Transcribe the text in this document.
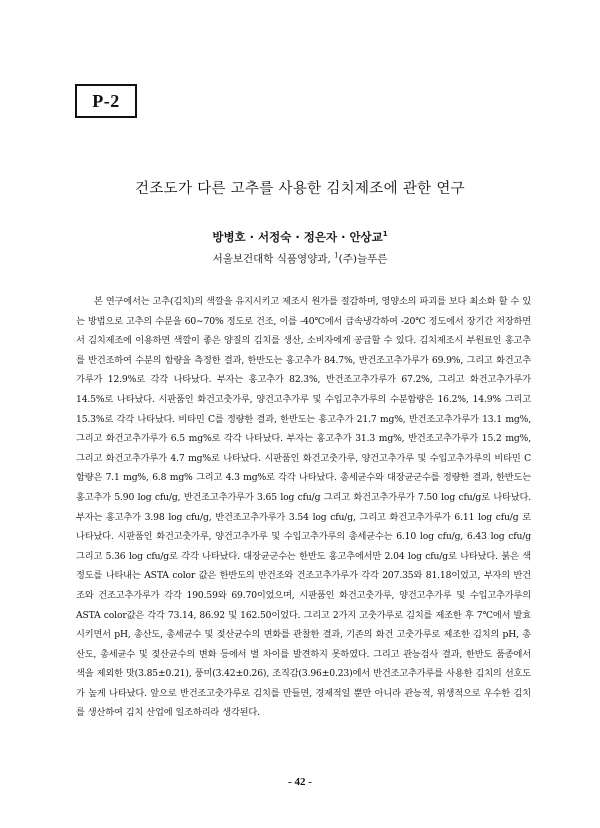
P-2
건조도가 다른 고추를 사용한 김치제조에 관한 연구
방병호 · 서정숙 · 정은자 · 안상교$^1$
서울보건대학 식품영양과, $^1$(주)늘푸른

본 연구에서는 고추(김치)의 색깔을 유지시키고 제조시 원가를 절감하며, 영양소의 파괴를 보다 최소화 할 수 있는 방법으로 고추의 수분을 60∼70% 정도로 건조, 이를 -40℃에서 급속냉각하여 -20℃ 정도에서 장기간 저장하면서 김치제조에 이용하면 색깔이 좋은 양질의 김치를 생산, 소비자에게 공급할 수 있다. 김치제조시 부원료인 홍고추를 반건조하여 수분의 함량을 측정한 결과, 한반도는 홍고추가 84.7%, 반건조고추가루가 69.9%, 그리고 화건고추가루가 12.9%로 각각 나타났다. 부자는 홍고추가 82.3%, 반건조고추가루가 67.2%, 그리고 화건고추가루가 14.5%로 나타났다. 시판품인 화건고춧가루, 양건고추가루 및 수입고추가루의 수분함량은 16.2%, 14.9% 그리고 15.3%로 각각 나타났다. 비타민 C를 정량한 결과, 한반도는 홍고추가 21.7 mg%, 반건조고추가루가 13.1 mg%, 그리고 화건고추가루가 6.5 mg%로 각각 나타났다. 부자는 홍고추가 31.3 mg%, 반건조고추가루가 15.2 mg%, 그리고 화건고추가루가 4.7 mg%로 나타났다. 시판품인 화건고춧가루, 양건고추가루 및 수입고추가루의 비타민 C 함량은 7.1 mg%, 6.8 mg% 그리고 4.3 mg%로 각각 나타났다. 총세균수와 대장균군수를 정량한 결과, 한반도는 홍고추가 5.90 log cfu/g, 반건조고추가루가 3.65 log cfu/g 그리고 화건고추가루가 7.50 log cfu/g로 나타났다. 부자는 홍고추가 3.98 log cfu/g, 반건조고추가루가 3.54 log cfu/g, 그리고 화건고추가루가 6.11 log cfu/g 로 나타났다. 시판품인 화건고춧가루, 양건고추가루 및 수입고추가루의 총세균수는 6.10 log cfu/g, 6.43 log cfu/g 그리고 5.36 log cfu/g로 각각 나타났다. 대장균군수는 한반도 홍고추에서만 2.04 log cfu/g로 나타났다. 붉은 색 정도를 나타내는 ASTA color 값은 한반도의 반건조와 건조고추가루가 각각 207.35와 81.18이었고, 부자의 반건조와 건조고추가루가 각각 190.59와 69.70이었으며, 시판품인 화건고춧가루, 양건고추가루 및 수입고추가루의 ASTA color값은 각각 73.14, 86.92 및 162.50이었다. 그리고 2가지 고춧가루로 김치를 제조한 후 7℃에서 발효시키면서 pH, 총산도, 총세균수 및 젖산균수의 변화를 관찰한 결과, 기존의 화건 고춧가루로 제조한 김치의 pH, 총산도, 총세균수 및 젖산균수의 변화 등에서 별 차이를 발견하지 못하였다. 그리고 관능검사 결과, 한반도 품종에서 색을 제외한 맛(3.85±0.21), 풍미(3.42±0.26), 조직감(3.96±0.23)에서 반건조고추가루를 사용한 김치의 선호도가 높게 나타났다. 앞으로 반건조고춧가루로 김치를 만들면, 경제적일 뿐만 아니라 관능적, 위생적으로 우수한 김치를 생산하여 김치 산업에 일조하리라 생각된다.

- 42 -
